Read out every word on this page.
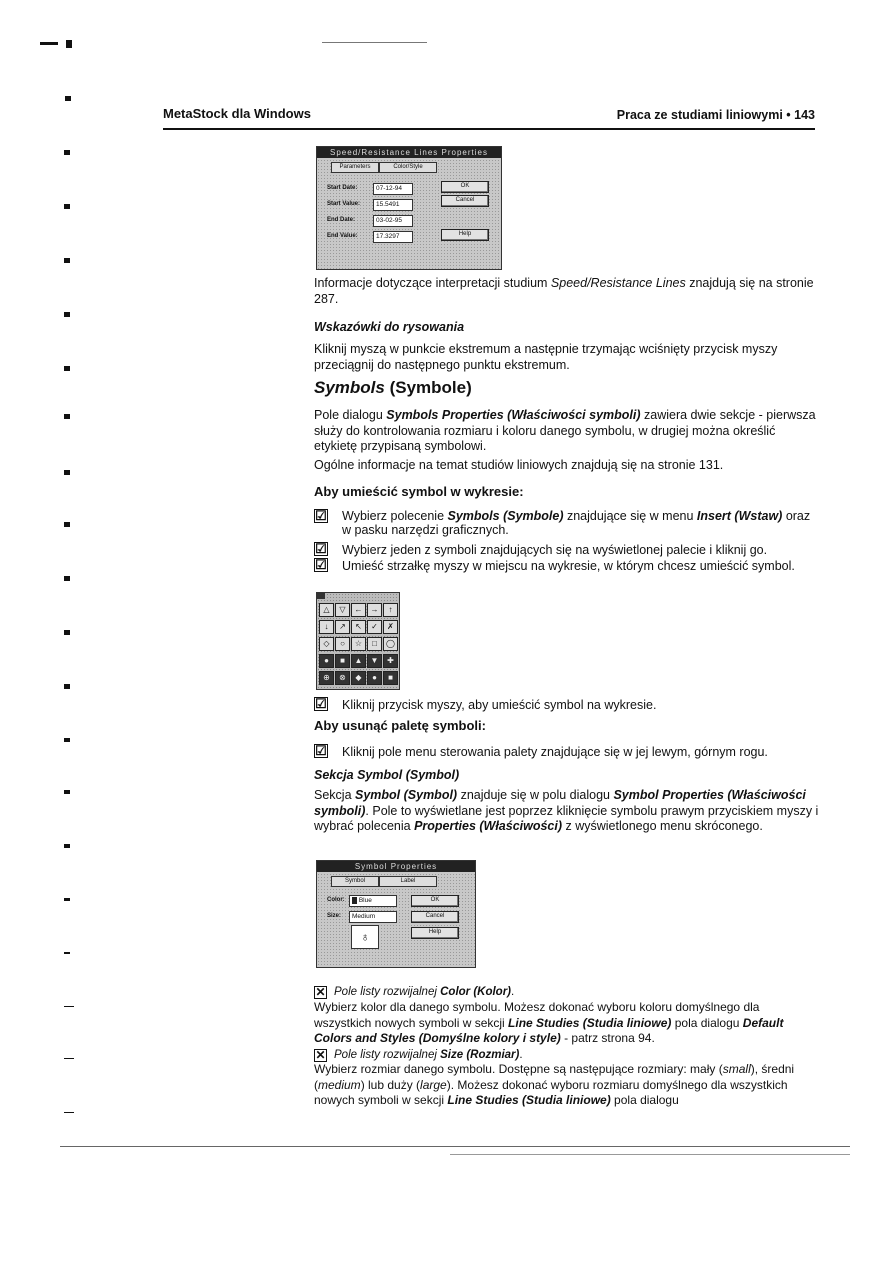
MetaStock dla Windows	Praca ze studiami liniowymi • 143
Speed/Resistance Lines Properties
Parameters	Color/Style
Start Date:	07-12-94
Start Value:	15.5491
End Date:	03-02-95
End Value:	17.3297
OK
Cancel
Help
Informacje dotyczące interpretacji studium Speed/Resistance Lines znajdują się na stronie 287.
Wskazówki do rysowania
Kliknij myszą w punkcie ekstremum a następnie trzymając wciśnięty przycisk myszy przeciągnij do następnego punktu ekstremum.
Symbols (Symbole)
Pole dialogu Symbols Properties (Właściwości symboli) zawiera dwie sekcje - pierwsza służy do kontrolowania rozmiaru i koloru danego symbolu, w drugiej można określić etykietę przypisaną symbolowi.
Ogólne informacje na temat studiów liniowych znajdują się na stronie 131.
Aby umieścić symbol w wykresie:
☑ Wybierz polecenie Symbols (Symbole) znajdujące się w menu Insert (Wstaw) oraz w pasku narzędzi graficznych.
☑ Wybierz jeden z symboli znajdujących się na wyświetlonej palecie i kliknij go.
☑ Umieść strzałkę myszy w miejscu na wykresie, w którym chcesz umieścić symbol.
△	▽	←	→	↑
↓	↗	↖	✓	✗
◇	○	☆	□	◯
●	■	▲	▼	✚
⊕	⊗	◆	●	■
☑ Kliknij przycisk myszy, aby umieścić symbol na wykresie.
Aby usunąć paletę symboli:
☑ Kliknij pole menu sterowania palety znajdujące się w jej lewym, górnym rogu.
Sekcja Symbol (Symbol)
Sekcja Symbol (Symbol) znajduje się w polu dialogu Symbol Properties (Właściwości symboli). Pole to wyświetlane jest poprzez kliknięcie symbolu prawym przyciskiem myszy i wybrać polecenia Properties (Właściwości) z wyświetlonego menu skróconego.
Symbol Properties
Symbol	Label
Color:	Blue
Size:	Medium
♁
OK
Cancel
Help
✕ Pole listy rozwijalnej Color (Kolor).
Wybierz kolor dla danego symbolu. Możesz dokonać wyboru koloru domyślnego dla wszystkich nowych symboli w sekcji Line Studies (Studia liniowe) pola dialogu Default Colors and Styles (Domyślne kolory i style) - patrz strona 94.
✕ Pole listy rozwijalnej Size (Rozmiar).
Wybierz rozmiar danego symbolu. Dostępne są następujące rozmiary: mały (small), średni (medium) lub duży (large). Możesz dokonać wyboru rozmiaru domyślnego dla wszystkich nowych symboli w sekcji Line Studies (Studia liniowe) pola dialogu
